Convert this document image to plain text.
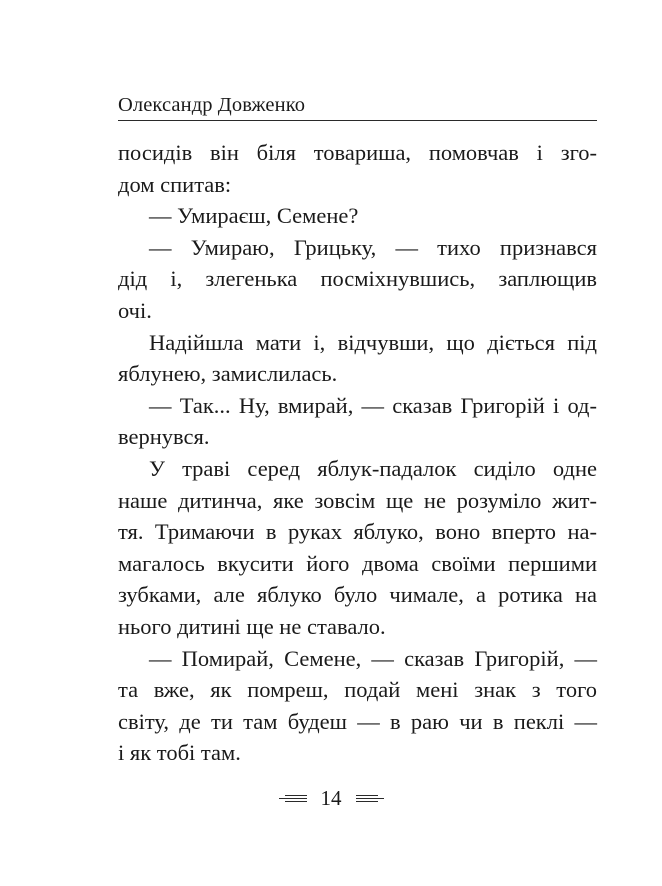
Олександр Довженко
посидів він біля товариша, помовчав і зго-
дом спитав:
— Умираєш, Семене?
— Умираю, Грицьку, — тихо признався
дід і, злегенька посміхнувшись, заплющив
очі.
Надійшла мати і, відчувши, що діється під
яблунею, замислилась.
— Так... Ну, вмирай, — сказав Григорій і од-
вернувся.
У траві серед яблук-падалок сиділо одне
наше дитинча, яке зовсім ще не розуміло жит-
тя. Тримаючи в руках яблуко, воно вперто на-
магалось вкусити його двома своїми першими
зубками, але яблуко було чимале, а ротика на
нього дитині ще не ставало.
— Помирай, Семене, — сказав Григорій, —
та вже, як помреш, подай мені знак з того
світу, де ти там будеш — в раю чи в пеклі —
і як тобі там.
14
